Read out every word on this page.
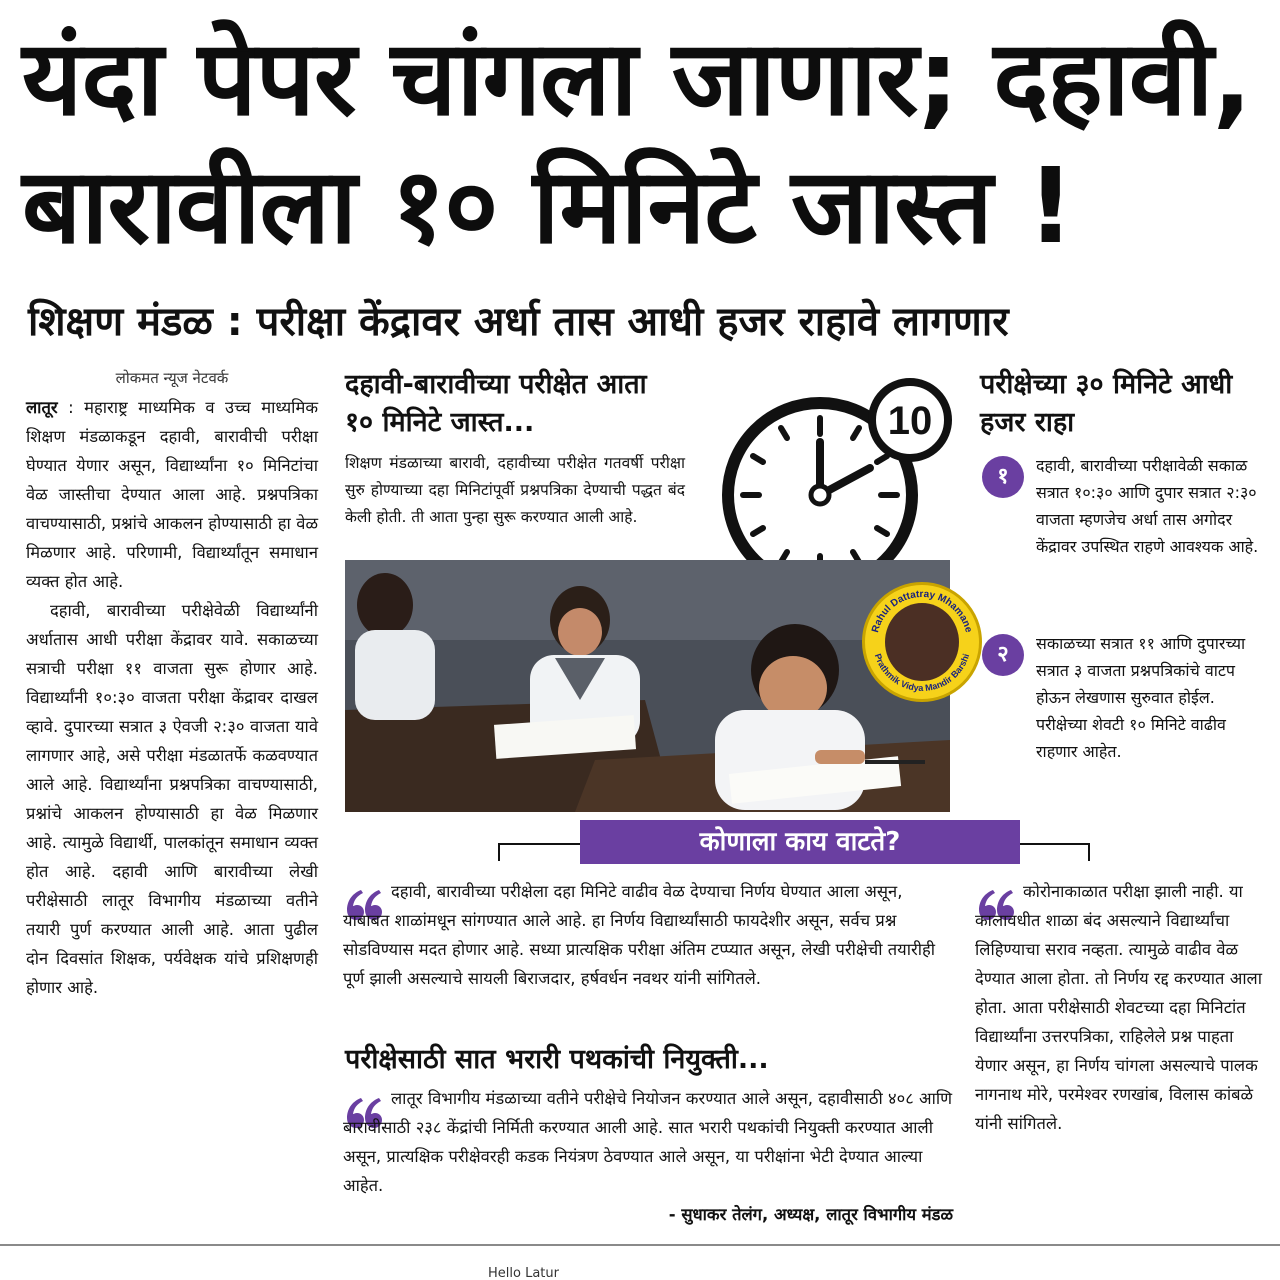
यंदा पेपर चांगला जाणार; दहावी,
बारावीला १० मिनिटे जास्त !
शिक्षण मंडळ : परीक्षा केंद्रावर अर्धा तास आधी हजर राहावे लागणार
लोकमत न्यूज नेटवर्क

लातूर : महाराष्ट्र माध्यमिक व उच्च माध्यमिक शिक्षण मंडळाकडून दहावी, बारावीची परीक्षा घेण्यात येणार असून, विद्यार्थ्यांना १० मिनिटांचा वेळ जास्तीचा देण्यात आला आहे. प्रश्नपत्रिका वाचण्यासाठी, प्रश्नांचे आकलन होण्यासाठी हा वेळ मिळणार आहे. परिणामी, विद्यार्थ्यांतून समाधान व्यक्त होत आहे.

दहावी, बारावीच्या परीक्षेवेळी विद्यार्थ्यांनी अर्धातास आधी परीक्षा केंद्रावर यावे. सकाळच्या सत्राची परीक्षा ११ वाजता सुरू होणार आहे. विद्यार्थ्यांनी १०:३० वाजता परीक्षा केंद्रावर दाखल व्हावे. दुपारच्या सत्रात ३ ऐवजी २:३० वाजता यावे लागणार आहे, असे परीक्षा मंडळातर्फे कळवण्यात आले आहे. विद्यार्थ्यांना प्रश्नपत्रिका वाचण्यासाठी, प्रश्नांचे आकलन होण्यासाठी हा वेळ मिळणार आहे. त्यामुळे विद्यार्थी, पालकांतून समाधान व्यक्त होत आहे. दहावी आणि बारावीच्या लेखी परीक्षेसाठी लातूर विभागीय मंडळाच्या वतीने तयारी पुर्ण करण्यात आली आहे. आता पुढील दोन दिवसांत शिक्षक, पर्यवेक्षक यांचे प्रशिक्षणही होणार आहे.

दहावी-बारावीच्या परीक्षेत आता १० मिनिटे जास्त...
शिक्षण मंडळाच्या बारावी, दहावीच्या परीक्षेत गतवर्षी परीक्षा सुरु होण्याच्या दहा मिनिटांपूर्वी प्रश्नपत्रिका देण्याची पद्धत बंद केली होती. ती आता पुन्हा सुरू करण्यात आली आहे.
10
परीक्षेच्या ३० मिनिटे आधी हजर राहा
१	दहावी, बारावीच्या परीक्षावेळी सकाळ सत्रात १०:३० आणि दुपार सत्रात २:३० वाजता म्हणजेच अर्धा तास अगोदर केंद्रावर उपस्थित राहणे आवश्यक आहे.
२	सकाळच्या सत्रात ११ आणि दुपारच्या सत्रात ३ वाजता प्रश्नपत्रिकांचे वाटप होऊन लेखणास सुरुवात होईल. परीक्षेच्या शेवटी १० मिनिटे वाढीव राहणार आहेत.
Rahul Dattatray Mhamane
Prathmik Vidya Mandir Barshi
कोणाला काय वाटते?

दहावी, बारावीच्या परीक्षेला दहा मिनिटे वाढीव वेळ देण्याचा निर्णय घेण्यात आला असून, याबाबत शाळांमधून सांगण्यात आले आहे. हा निर्णय विद्यार्थ्यांसाठी फायदेशीर असून, सर्वच प्रश्न सोडविण्यास मदत होणार आहे. सध्या प्रात्यक्षिक परीक्षा अंतिम टप्प्यात असून, लेखी परीक्षेची तयारीही पूर्ण झाली असल्याचे सायली बिराजदार, हर्षवर्धन नवथर यांनी सांगितले.

परीक्षेसाठी सात भरारी पथकांची नियुक्ती...

लातूर विभागीय मंडळाच्या वतीने परीक्षेचे नियोजन करण्यात आले असून, दहावीसाठी ४०८ आणि बारावीसाठी २३८ केंद्रांची निर्मिती करण्यात आली आहे. सात भरारी पथकांची नियुक्ती करण्यात आली असून, प्रात्यक्षिक परीक्षेवरही कडक नियंत्रण ठेवण्यात आले असून, या परीक्षांना भेटी देण्यात आल्या आहेत.

- सुधाकर तेलंग, अध्यक्ष, लातूर विभागीय मंडळ

कोरोनाकाळात परीक्षा झाली नाही. या कालावधीत शाळा बंद असल्याने विद्यार्थ्यांचा लिहिण्याचा सराव नव्हता. त्यामुळे वाढीव वेळ देण्यात आला होता. तो निर्णय रद्द करण्यात आला होता. आता परीक्षेसाठी शेवटच्या दहा मिनिटांत विद्यार्थ्यांना उत्तरपत्रिका, राहिलेले प्रश्न पाहता येणार असून, हा निर्णय चांगला असल्याचे पालक नागनाथ मोरे, परमेश्वर रणखांब, विलास कांबळे यांनी सांगितले.

Hello Latur
